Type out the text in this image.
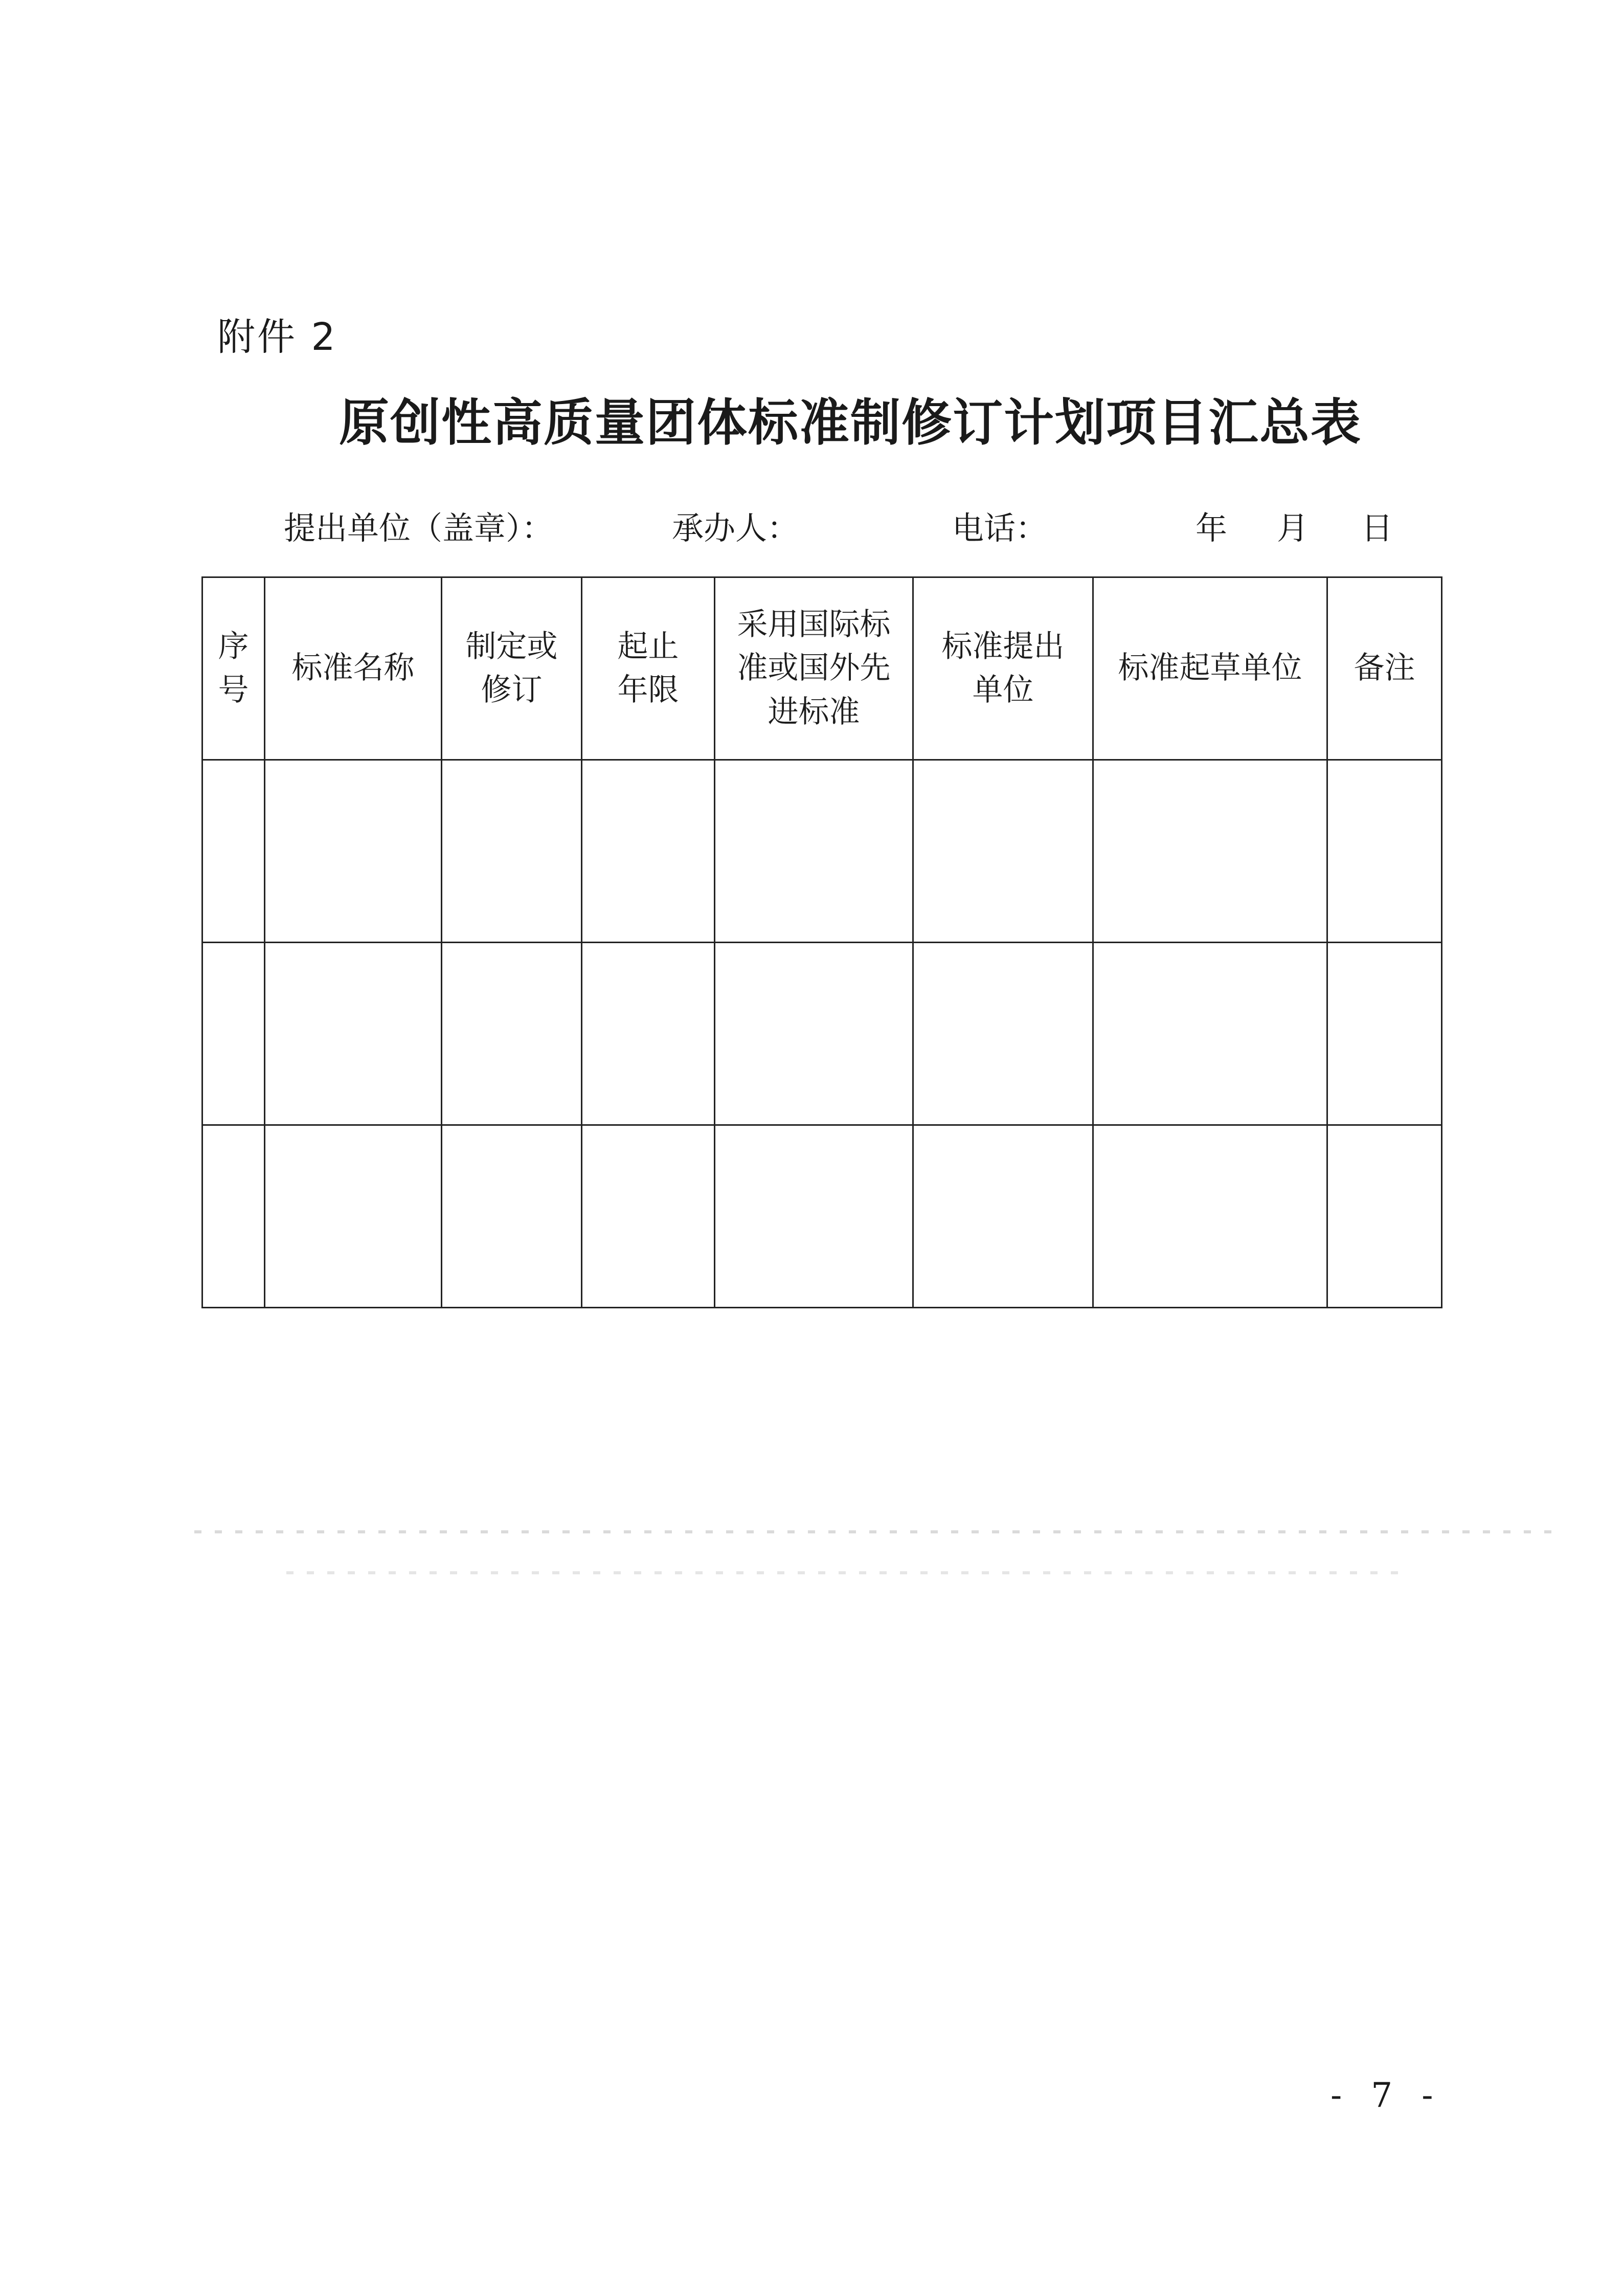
附件 2
原创性高质量团体标准制修订计划项目汇总表
提出单位（盖章）：	承办人：	电话：	年 月 日
序号	标准名称	制定或修订	起止年限	采用国际标准或国外先进标准	标准提出单位	标准起草单位	备注

- 7 -
